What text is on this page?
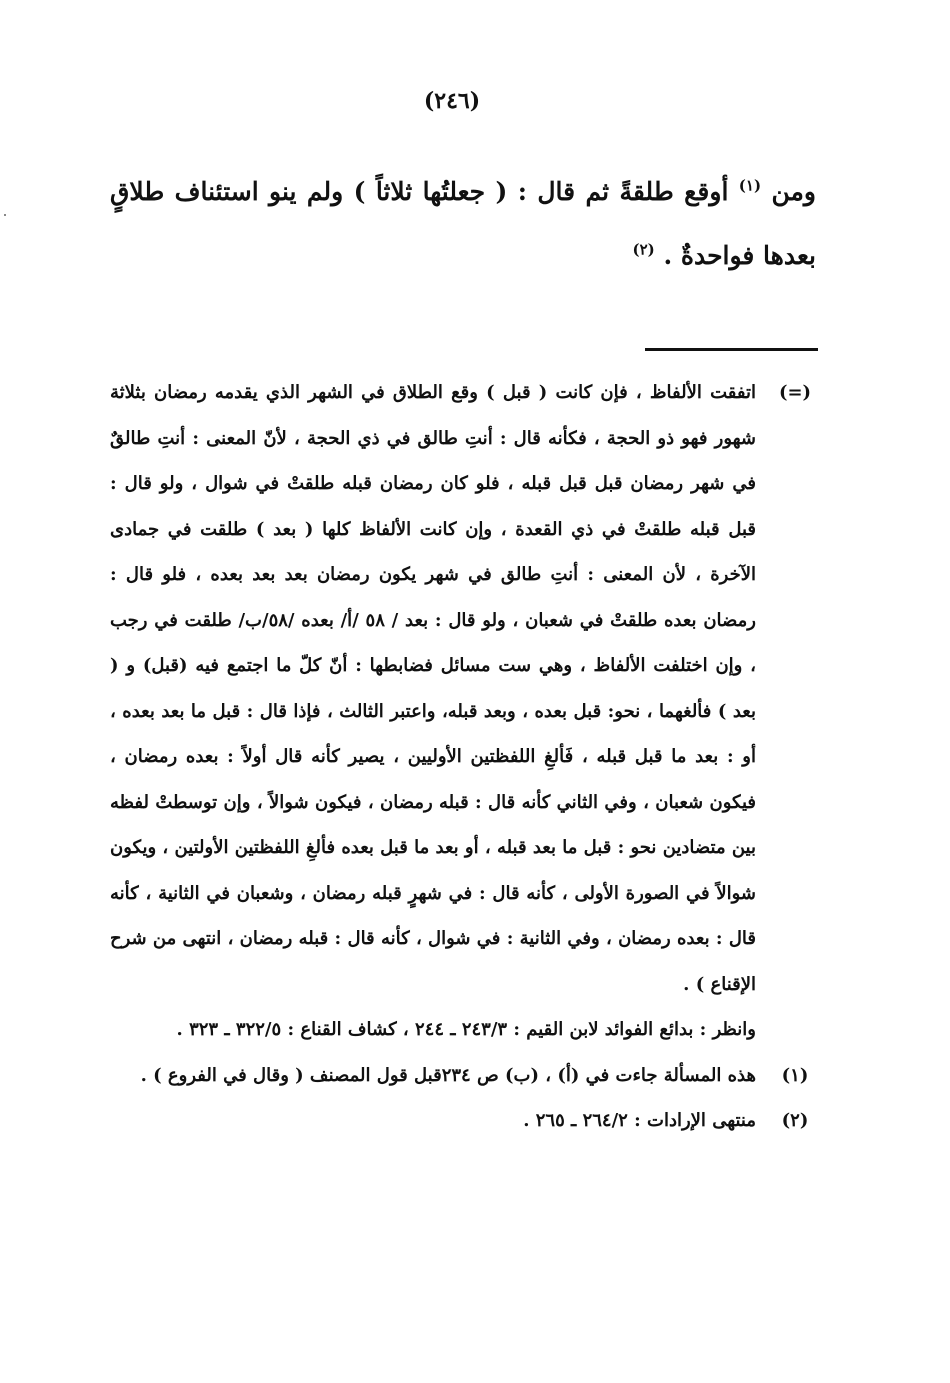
(٢٤٦)
ومن $^{(١)}$ أوقع طلقةً ثم قال : ( جعلتُها ثلاثاً ) ولم ينو استئناف طلاقٍ بعدها فواحدةٌ . $^{(٢)}$
(=)

اتفقت الألفاظ ، فإن كانت ( قبل ) وقع الطلاق في الشهر الذي يقدمه رمضان بثلاثة شهور فهو ذو الحجة ، فكأنه قال : أنتِ طالق في ذي الحجة ، لأنّ المعنى : أنتِ طالقٌ في شهر رمضان قبل قبل قبله ، فلو كان رمضان قبله طلقتْ في شوال ، ولو قال : قبل قبله طلقتْ في ذي القعدة ، وإن كانت الألفاظ كلها ( بعد ) طلقت في جمادى الآخرة ، لأن المعنى : أنتِ طالق في شهر يكون رمضان بعد بعد بعده ، فلو قال : رمضان بعده طلقتْ في شعبان ، ولو قال : بعد / ٥٨ /أ/ بعده /٥٨/ب/ طلقت في رجب ، وإن اختلفت الألفاظ ، وهي ست مسائل فضابطها : أنّ كلّ ما اجتمع فيه (قبل) و ( بعد ) فألغهما ، نحو: قبل بعده ، وبعد قبله، واعتبر الثالث ، فإذا قال : قبل ما بعد بعده ، أو : بعد ما قبل قبله ، فَألغِ اللفظتين الأوليين ، يصير كأنه قال أولاً : بعده رمضان ، فيكون شعبان ، وفي الثاني كأنه قال : قبله رمضان ، فيكون شوالاً ، وإن توسطتْ لفظه بين متضادين نحو : قبل ما بعد قبله ، أو بعد ما قبل بعده فألغِ اللفظتين الأولتين ، ويكون شوالاً في الصورة الأولى ، كأنه قال : في شهرٍ قبله رمضان ، وشعبان في الثانية ، كأنه قال : بعده رمضان ، وفي الثانية : في شوال ، كأنه قال : قبله رمضان ، انتهى من شرح الإقناع ) .

وانظر : بدائع الفوائد لابن القيم : ٢٤٣/٣ ـ ٢٤٤ ، كشاف القناع : ٣٢٢/٥ ـ ٣٢٣ .

(١)

هذه المسألة جاءت في (أ) ، (ب) ص ٢٣٤قبل قول المصنف ( وقال في الفروع ) .

(٢)

منتهى الإرادات : ٢٦٤/٢ ـ ٢٦٥ .
